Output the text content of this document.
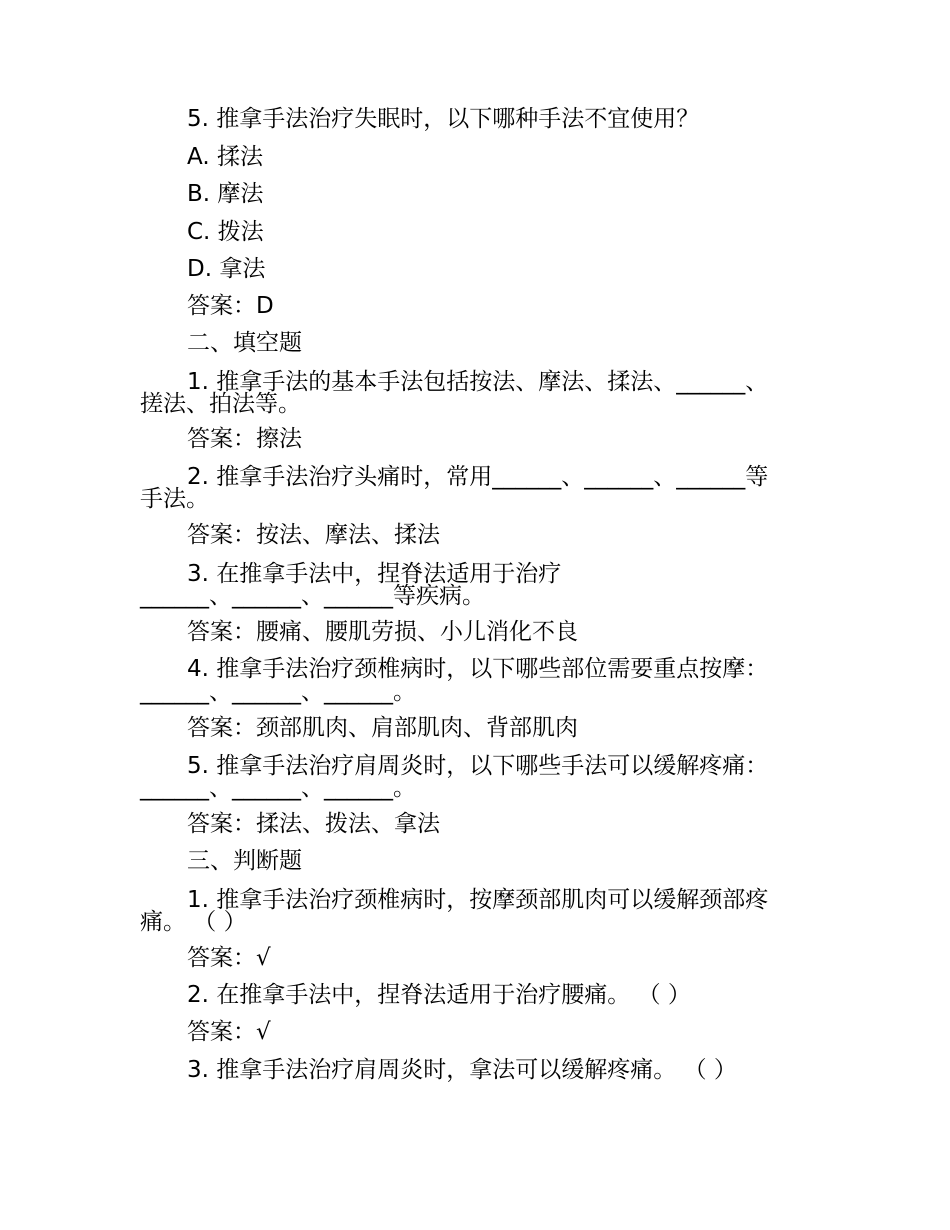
5. 推拿手法治疗失眠时，以下哪种手法不宜使用？
A. 揉法
B. 摩法
C. 拨法
D. 拿法
答案：D
二、填空题
1. 推拿手法的基本手法包括按法、摩法、揉法、______、
搓法、拍法等。
答案：擦法
2. 推拿手法治疗头痛时，常用______、______、______等
手法。
答案：按法、摩法、揉法
3. 在推拿手法中，捏脊法适用于治疗
______、______、______等疾病。
答案：腰痛、腰肌劳损、小儿消化不良
4. 推拿手法治疗颈椎病时，以下哪些部位需要重点按摩：
______、______、______。
答案：颈部肌肉、肩部肌肉、背部肌肉
5. 推拿手法治疗肩周炎时，以下哪些手法可以缓解疼痛：
______、______、______。
答案：揉法、拨法、拿法
三、判断题
1. 推拿手法治疗颈椎病时，按摩颈部肌肉可以缓解颈部疼
痛。 （ ）
答案：√
2. 在推拿手法中，捏脊法适用于治疗腰痛。 （ ）
答案：√
3. 推拿手法治疗肩周炎时，拿法可以缓解疼痛。 （ ）
